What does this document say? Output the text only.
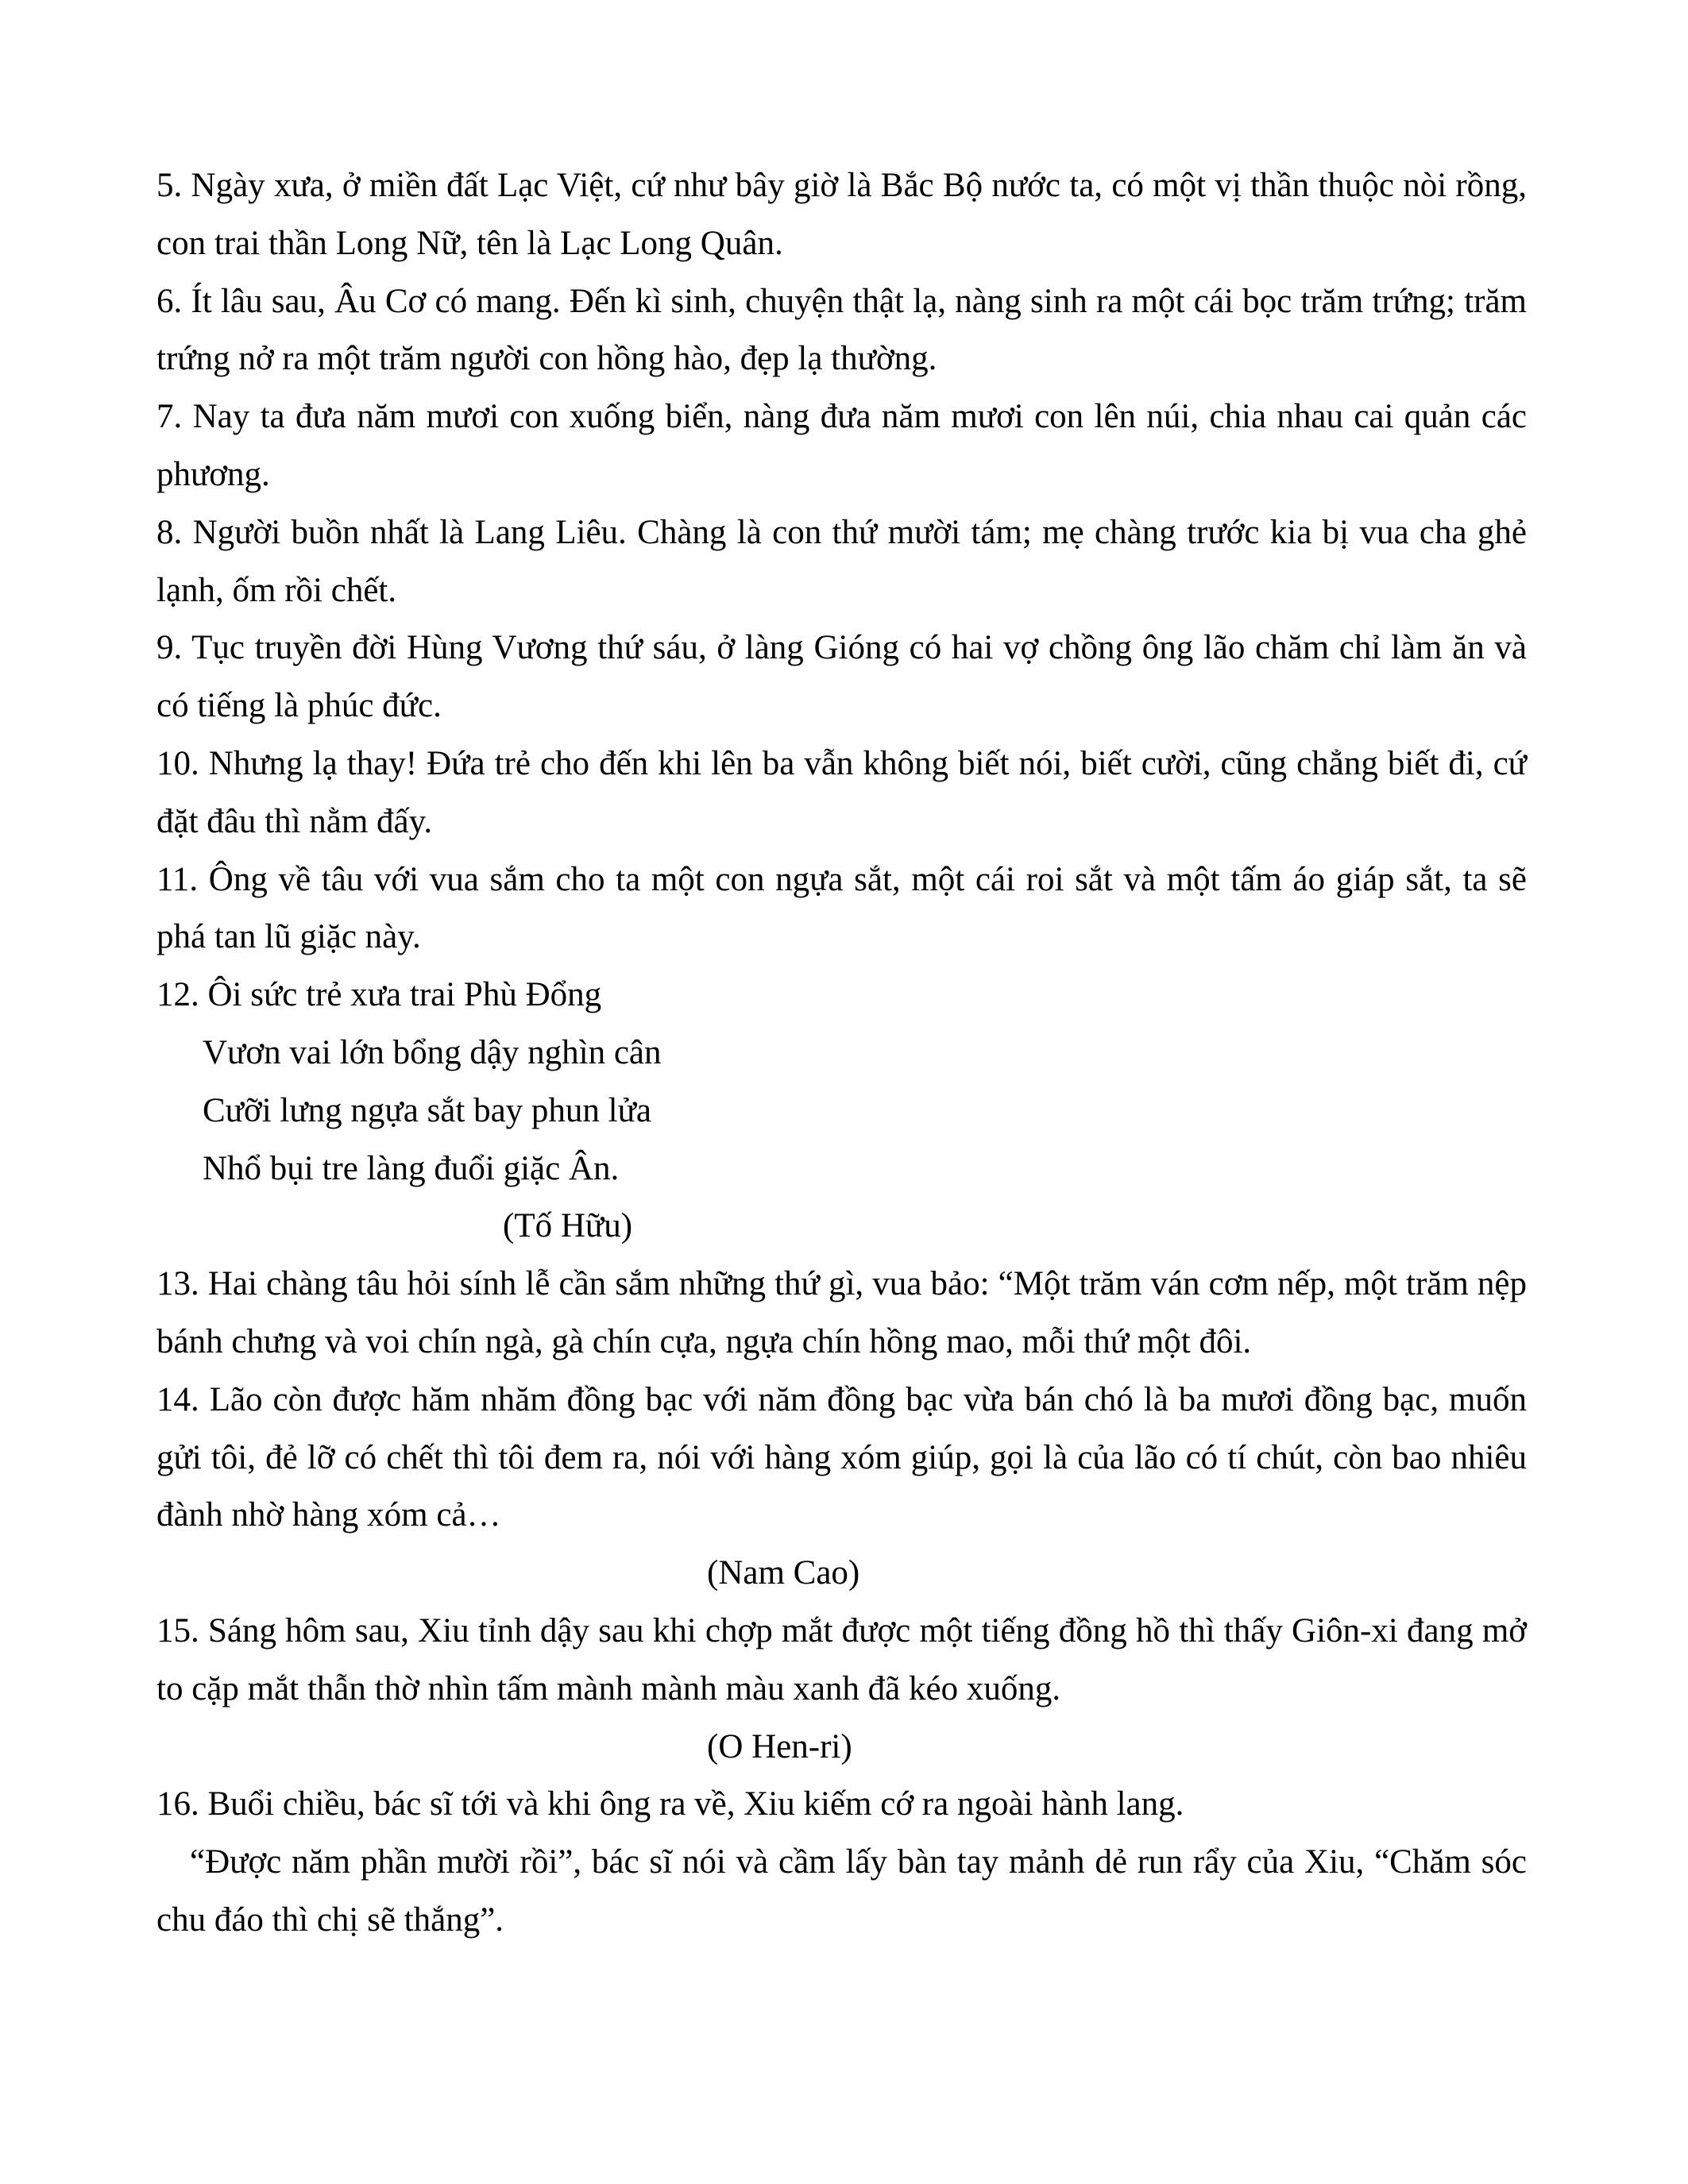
5. Ngày xưa, ở miền đất Lạc Việt, cứ như bây giờ là Bắc Bộ nước ta, có một vị thần thuộc nòi rồng, con trai thần Long Nữ, tên là Lạc Long Quân.

6. Ít lâu sau, Âu Cơ có mang. Đến kì sinh, chuyện thật lạ, nàng sinh ra một cái bọc trăm trứng; trăm trứng nở ra một trăm người con hồng hào, đẹp lạ thường.

7. Nay ta đưa năm mươi con xuống biển, nàng đưa năm mươi con lên núi, chia nhau cai quản các phương.

8. Người buồn nhất là Lang Liêu. Chàng là con thứ mười tám; mẹ chàng trước kia bị vua cha ghẻ lạnh, ốm rồi chết.

9. Tục truyền đời Hùng Vương thứ sáu, ở làng Gióng có hai vợ chồng ông lão chăm chỉ làm ăn và có tiếng là phúc đức.

10. Nhưng lạ thay! Đứa trẻ cho đến khi lên ba vẫn không biết nói, biết cười, cũng chẳng biết đi, cứ đặt đâu thì nằm đấy.

11. Ông về tâu với vua sắm cho ta một con ngựa sắt, một cái roi sắt và một tấm áo giáp sắt, ta sẽ phá tan lũ giặc này.

12. Ôi sức trẻ xưa trai Phù Đổng

Vươn vai lớn bổng dậy nghìn cân

Cưỡi lưng ngựa sắt bay phun lửa

Nhổ bụi tre làng đuổi giặc Ân.

(Tố Hữu)

13. Hai chàng tâu hỏi sính lễ cần sắm những thứ gì, vua bảo: “Một trăm ván cơm nếp, một trăm nệp bánh chưng và voi chín ngà, gà chín cựa, ngựa chín hồng mao, mỗi thứ một đôi.

14. Lão còn được hăm nhăm đồng bạc với năm đồng bạc vừa bán chó là ba mươi đồng bạc, muốn gửi tôi, đẻ lỡ có chết thì tôi đem ra, nói với hàng xóm giúp, gọi là của lão có tí chút, còn bao nhiêu đành nhờ hàng xóm cả…

(Nam Cao)

15. Sáng hôm sau, Xiu tỉnh dậy sau khi chợp mắt được một tiếng đồng hồ thì thấy Giôn-xi đang mở to cặp mắt thẫn thờ nhìn tấm mành mành màu xanh đã kéo xuống.

(O Hen-ri)

16. Buổi chiều, bác sĩ tới và khi ông ra về, Xiu kiếm cớ ra ngoài hành lang.

“Được năm phần mười rồi”, bác sĩ nói và cầm lấy bàn tay mảnh dẻ run rẩy của Xiu, “Chăm sóc chu đáo thì chị sẽ thắng”.
